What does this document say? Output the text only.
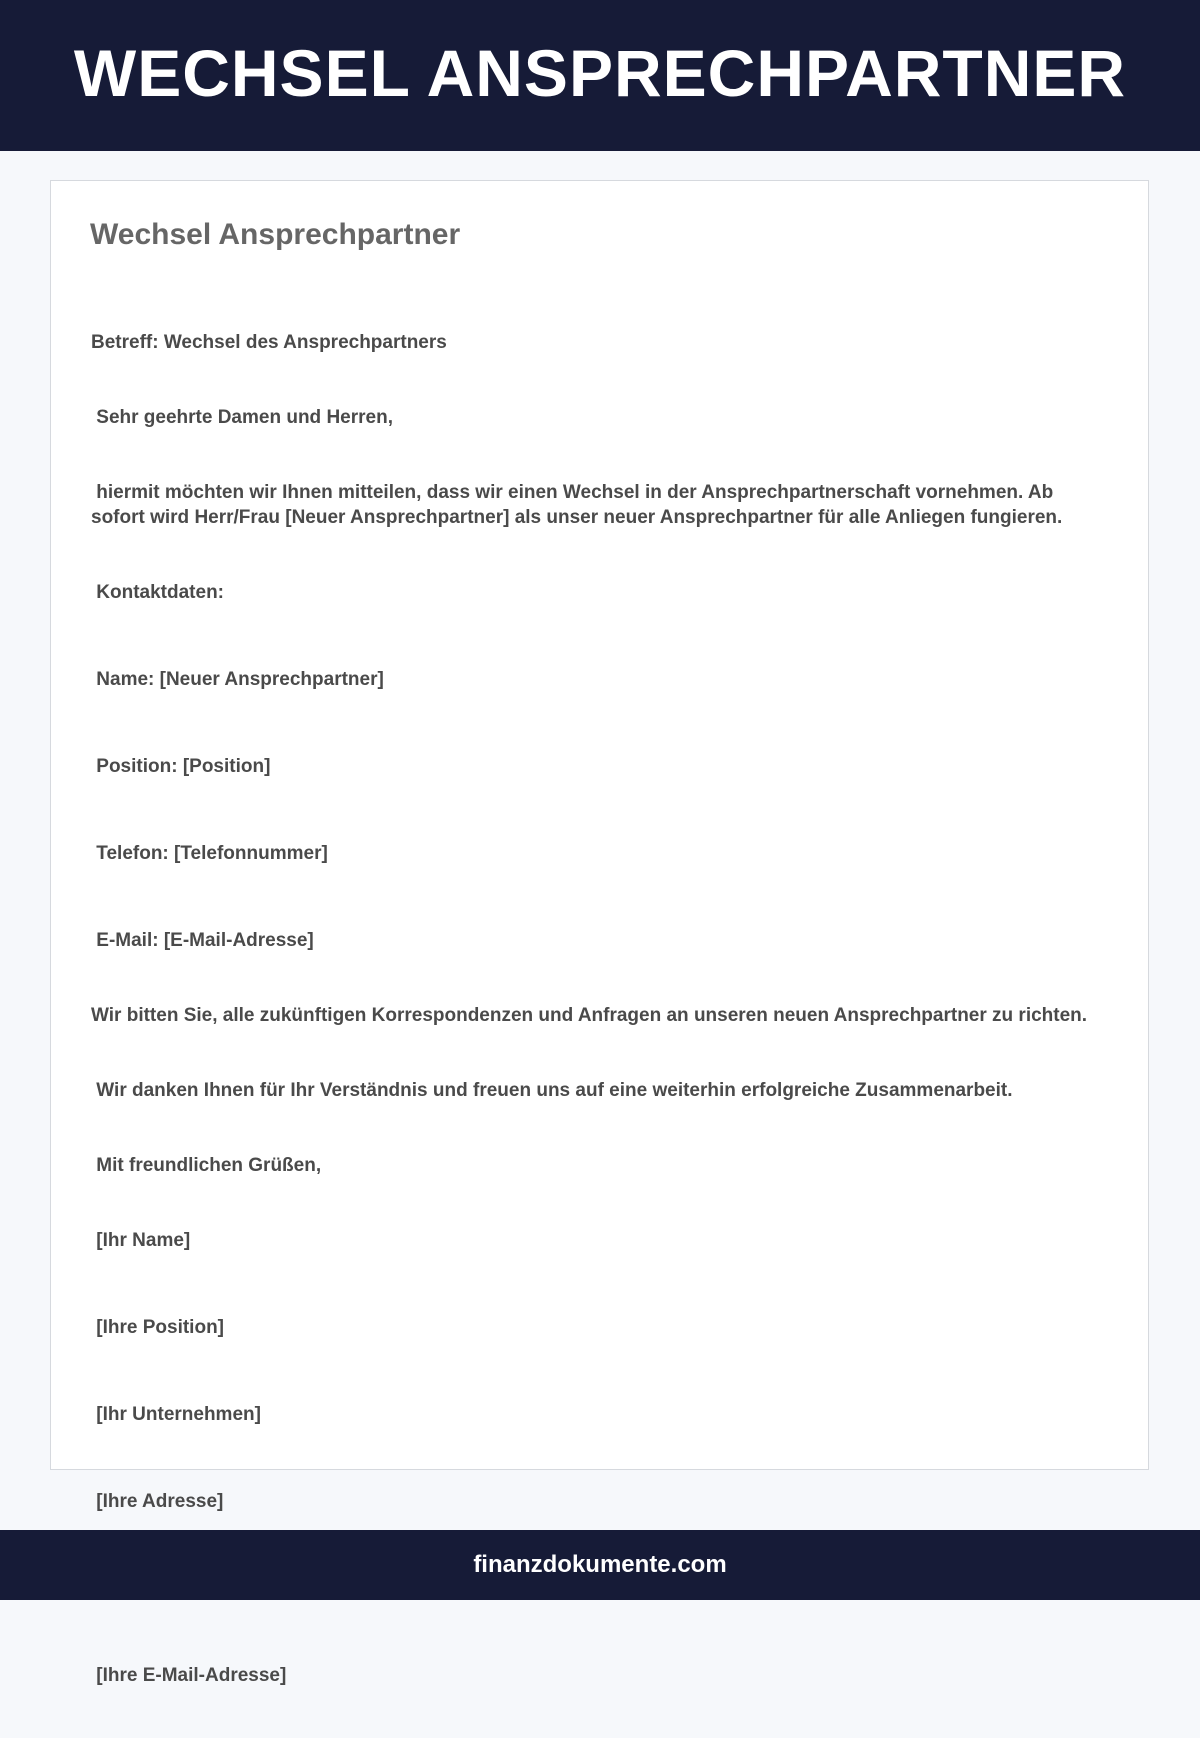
WECHSEL ANSPRECHPARTNER
Wechsel Ansprechpartner

Betreff: Wechsel des Ansprechpartners

Sehr geehrte Damen und Herren,

hiermit möchten wir Ihnen mitteilen, dass wir einen Wechsel in der Ansprechpartnerschaft vornehmen. Ab sofort wird Herr/Frau [Neuer Ansprechpartner] als unser neuer Ansprechpartner für alle Anliegen fungieren.

Kontaktdaten:

Name: [Neuer Ansprechpartner]

Position: [Position]

Telefon: [Telefonnummer]

E-Mail: [E-Mail-Adresse]

Wir bitten Sie, alle zukünftigen Korrespondenzen und Anfragen an unseren neuen Ansprechpartner zu richten.

Wir danken Ihnen für Ihr Verständnis und freuen uns auf eine weiterhin erfolgreiche Zusammenarbeit.

Mit freundlichen Grüßen,

[Ihr Name]

[Ihre Position]

[Ihr Unternehmen]

[Ihre Adresse]

[Ihre E-Mail-Adresse]

finanzdokumente.com
